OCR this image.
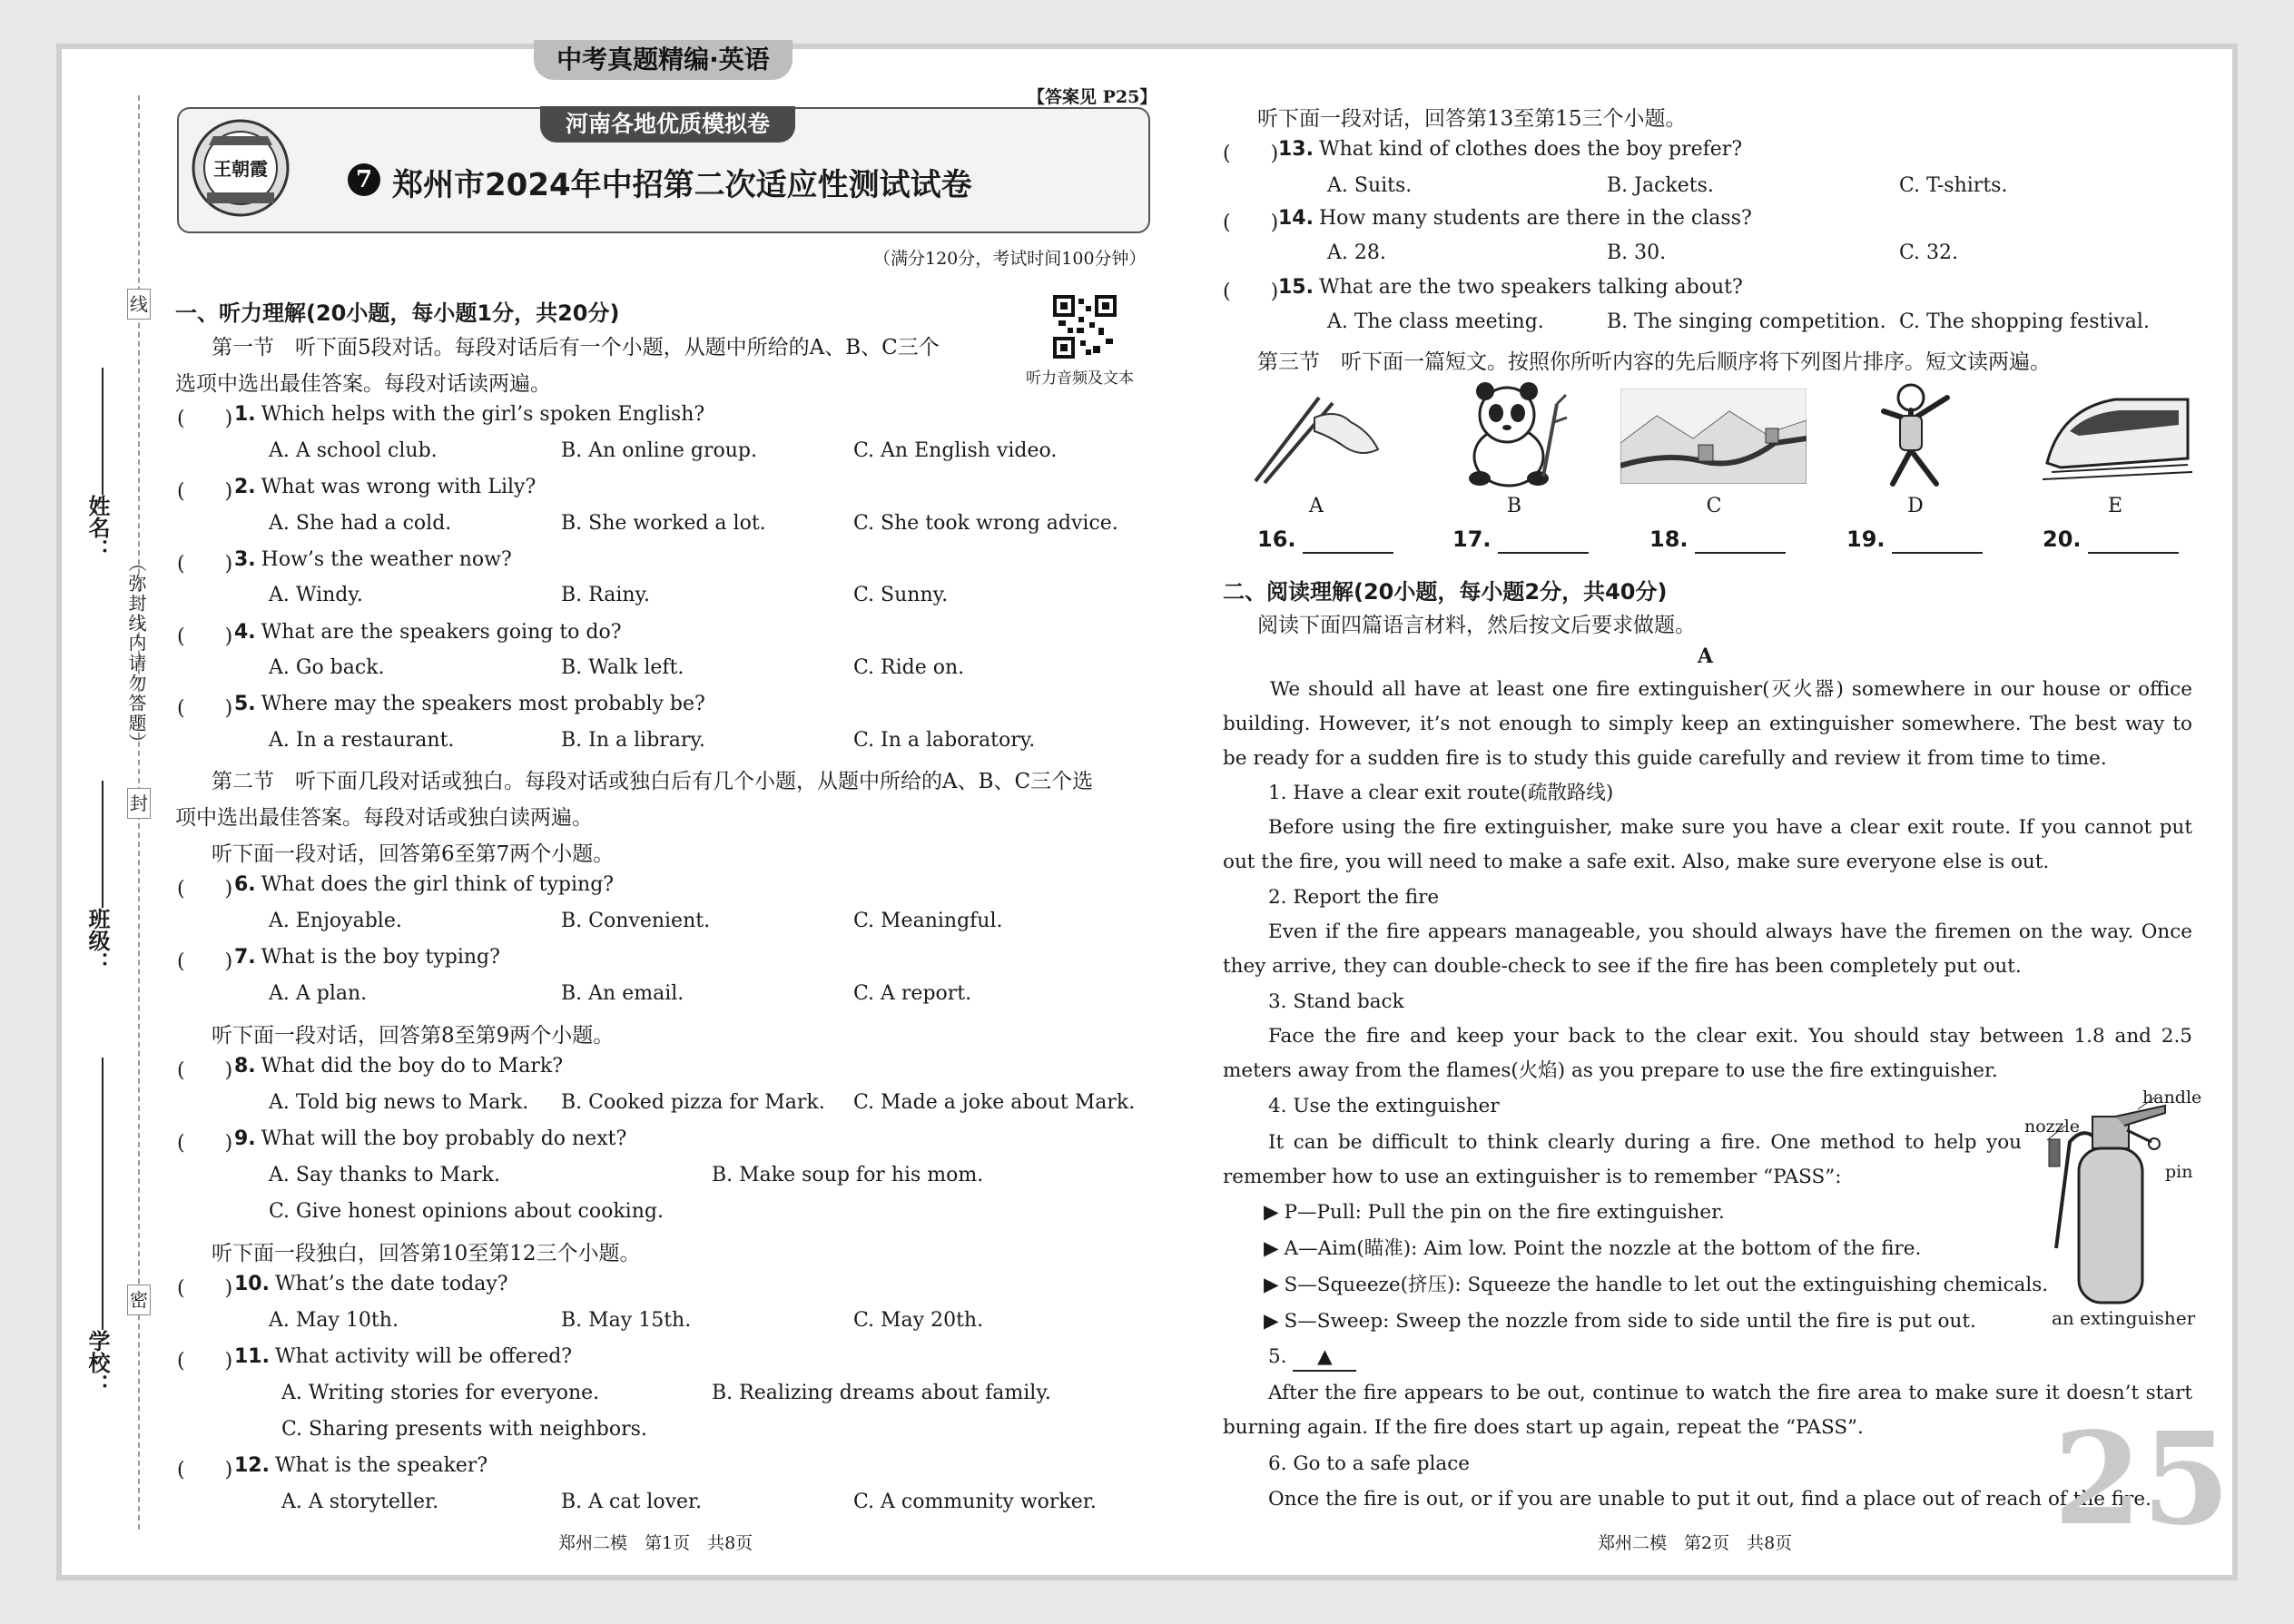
中考真题精编·英语
线
（弥封线内请勿答题）
封
密
姓名：
班级：
学校：
河南各地优质模拟卷
【答案见 P25】
王朝霞	7 郑州市2024年中招第二次适应性测试试卷
（满分120分，考试时间100分钟）
听力音频及文本
一、听力理解(20小题，每小题1分，共20分)
第一节　听下面5段对话。每段对话后有一个小题，从题中所给的A、B、C三个
选项中选出最佳答案。每段对话读两遍。
(　　) 1. Which helps with the girl’s spoken English?
A. A school club.	B. An online group.	C. An English video.
(　　) 2. What was wrong with Lily?
A. She had a cold.	B. She worked a lot.	C. She took wrong advice.
(　　) 3. How’s the weather now?
A. Windy.	B. Rainy.	C. Sunny.
(　　) 4. What are the speakers going to do?
A. Go back.	B. Walk left.	C. Ride on.
(　　) 5. Where may the speakers most probably be?
A. In a restaurant.	B. In a library.	C. In a laboratory.
(　　) 6. What does the girl think of typing?
A. Enjoyable.	B. Convenient.	C. Meaningful.
(　　) 7. What is the boy typing?
A. A plan.	B. An email.	C. A report.
(　　) 8. What did the boy do to Mark?
A. Told big news to Mark. B. Cooked pizza for Mark. C. Made a joke about Mark.
(　　) 9. What will the boy probably do next?
A. Say thanks to Mark.	B. Make soup for his mom.
C. Give honest opinions about cooking.
(　　) 10. What’s the date today?
A. May 10th.	B. May 15th.	C. May 20th.
(　　) 11. What activity will be offered?
A. Writing stories for everyone.	B. Realizing dreams about family.
C. Sharing presents with neighbors.
(　　) 12. What is the speaker?
A. A storyteller.	B. A cat lover.	C. A community worker.
第二节　听下面几段对话或独白。每段对话或独白后有几个小题，从题中所给的A、B、C三个选
项中选出最佳答案。每段对话或独白读两遍。
听下面一段对话，回答第6至第7两个小题。
听下面一段对话，回答第8至第9两个小题。
听下面一段独白，回答第10至第12三个小题。
听下面一段对话，回答第13至第15三个小题。
第三节　听下面一篇短文。按照你所听内容的先后顺序将下列图片排序。短文读两遍。
(　　) 13. What kind of clothes does the boy prefer?
A. Suits.	B. Jackets.	C. T-shirts.
(　　) 14. How many students are there in the class?
A. 28.	B. 30.	C. 32.
(　　) 15. What are the two speakers talking about?
A. The class meeting.	B. The singing competition. C. The shopping festival.
A	B	C	D	E
16.	17.	18.	19.	20.
二、阅读理解(20小题，每小题2分，共40分)
阅读下面四篇语言材料，然后按文后要求做题。
A
We should all have at least one fire extinguisher(灭火器) somewhere in our house or office building. However, it’s not enough to simply keep an extinguisher somewhere. The best way to be ready for a sudden fire is to study this guide carefully and review it from time to time.
1. Have a clear exit route(疏散路线)
Before using the fire extinguisher, make sure you have a clear exit route. If you cannot put out the fire, you will need to make a safe exit. Also, make sure everyone else is out.
2. Report the fire
Even if the fire appears manageable, you should always have the firemen on the way. Once they arrive, they can double-check to see if the fire has been completely put out.
3. Stand back
Face the fire and keep your back to the clear exit. You should stay between 1.8 and 2.5 meters away from the flames(火焰) as you prepare to use the fire extinguisher.
4. Use the extinguisher
It can be difficult to think clearly during a fire. One method to help you remember how to use an extinguisher is to remember “PASS”:
▶ P—Pull: Pull the pin on the fire extinguisher.
▶ A—Aim(瞄准): Aim low. Point the nozzle at the bottom of the fire.
▶ S—Squeeze(挤压): Squeeze the handle to let out the extinguishing chemicals.
▶ S—Sweep: Sweep the nozzle from side to side until the fire is put out.
5. ▲
After the fire appears to be out, continue to watch the fire area to make sure it doesn’t start burning again. If the fire does start up again, repeat the “PASS”.
6. Go to a safe place
Once the fire is out, or if you are unable to put it out, find a place out of reach of the fire.
handle
nozzle
pin
an extinguisher
25
郑州二模　第1页　共8页	郑州二模　第2页　共8页
